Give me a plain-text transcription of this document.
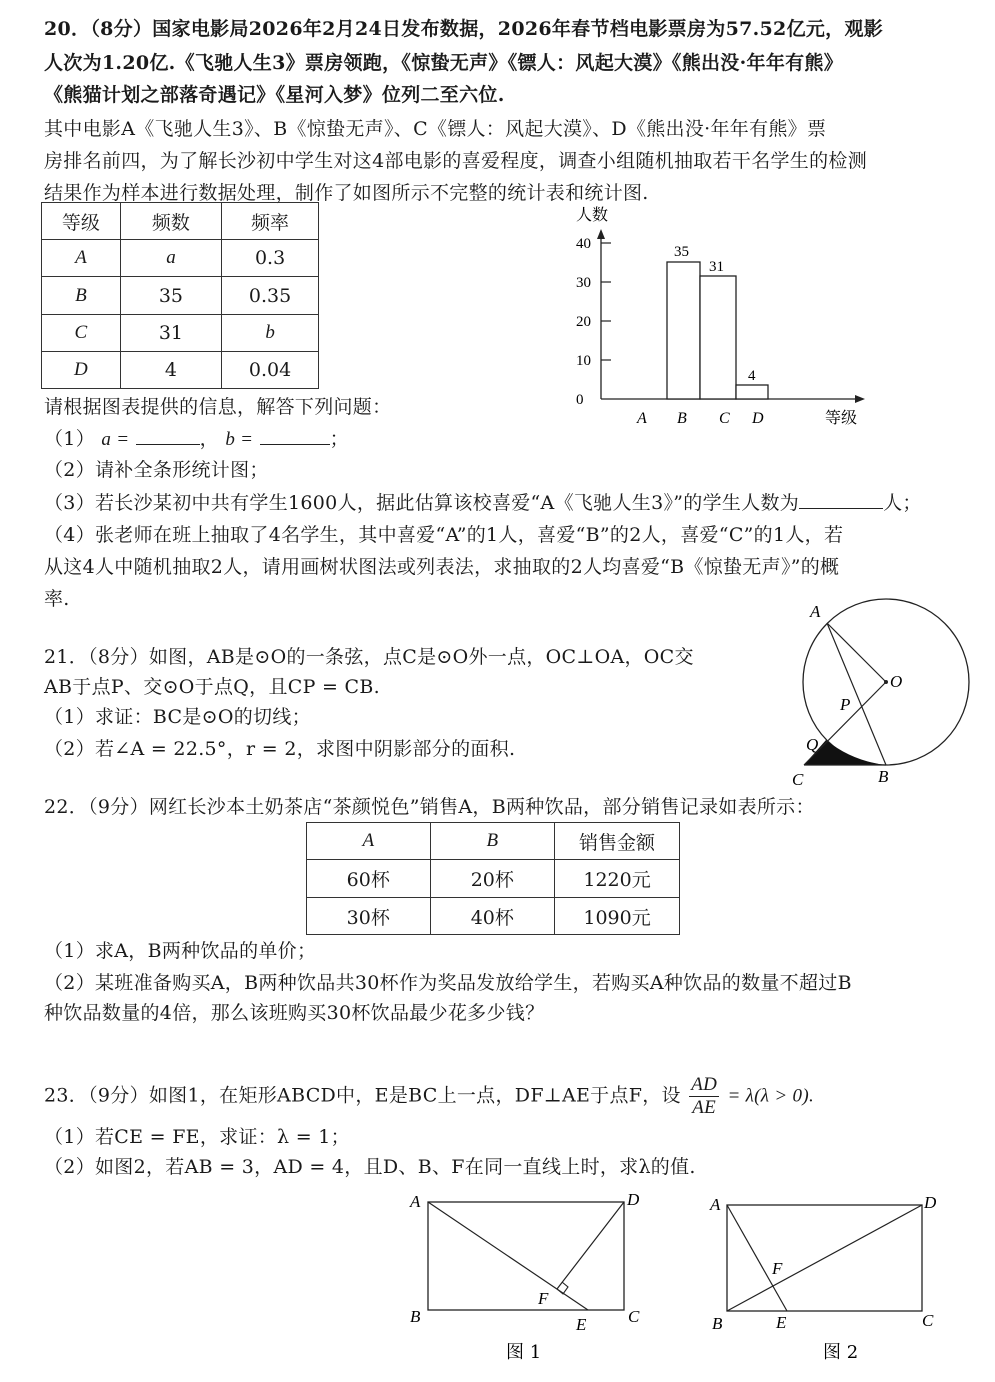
20．（8分）国家电影局2026年2月24日发布数据，2026年春节档电影票房为57.52亿元，观影
人次为1.20亿.《飞驰人生3》票房领跑，《惊蛰无声》《镖人：风起大漠》《熊出没·年年有熊》
《熊猫计划之部落奇遇记》《星河入梦》位列二至六位.
其中电影A《飞驰人生3》、B《惊蛰无声》、C《镖人：风起大漠》、D《熊出没·年年有熊》票
房排名前四，为了解长沙初中学生对这4部电影的喜爱程度，调查小组随机抽取若干名学生的检测
结果作为样本进行数据处理，制作了如图所示不完整的统计表和统计图.
等级	频数	频率
A	a	0.3
B	35	0.35
C	31	b
D	4	0.04
0
10
20
30
40
人数
35
31
4
A B C D	等级
请根据图表提供的信息，解答下列问题：
（1） a =	， b =	；
（2）请补全条形统计图；
（3）若长沙某初中共有学生1600人，据此估算该校喜爱“A《飞驰人生3》”的学生人数为	人；
（4）张老师在班上抽取了4名学生，其中喜爱“A”的1人，喜爱“B”的2人，喜爱“C”的1人，若
从这4人中随机抽取2人，请用画树状图法或列表法，求抽取的2人均喜爱“B《惊蛰无声》”的概
率.
21．（8分）如图，AB是⊙O的一条弦，点C是⊙O外一点，OC⊥OA，OC交
AB于点P、交⊙O于点Q，且CP = CB.
（1）求证：BC是⊙O的切线；
（2）若∠A = 22.5°，r = 2，求图中阴影部分的面积.
A
O
P
Q
C	B
22．（9分）网红长沙本土奶茶店“茶颜悦色”销售A，B两种饮品，部分销售记录如表所示：
A	B	销售金额
60杯	20杯	1220元
30杯	40杯	1090元
（1）求A，B两种饮品的单价；
（2）某班准备购买A，B两种饮品共30杯作为奖品发放给学生，若购买A种饮品的数量不超过B
种饮品数量的4倍，那么该班购买30杯饮品最少花多少钱？
23．（9分）如图1，在矩形ABCD中，E是BC上一点，DF⊥AE于点F，设 $\frac{AD}{AE} = \lambda(\lambda > 0)$.
（1）若CE = FE，求证：λ = 1；
（2）如图2，若AB = 3，AD = 4，且D、B、F在同一直线上时，求λ的值.
A	D
B	C
E
F
图 1
A	D
B	C
E
F
图 2
